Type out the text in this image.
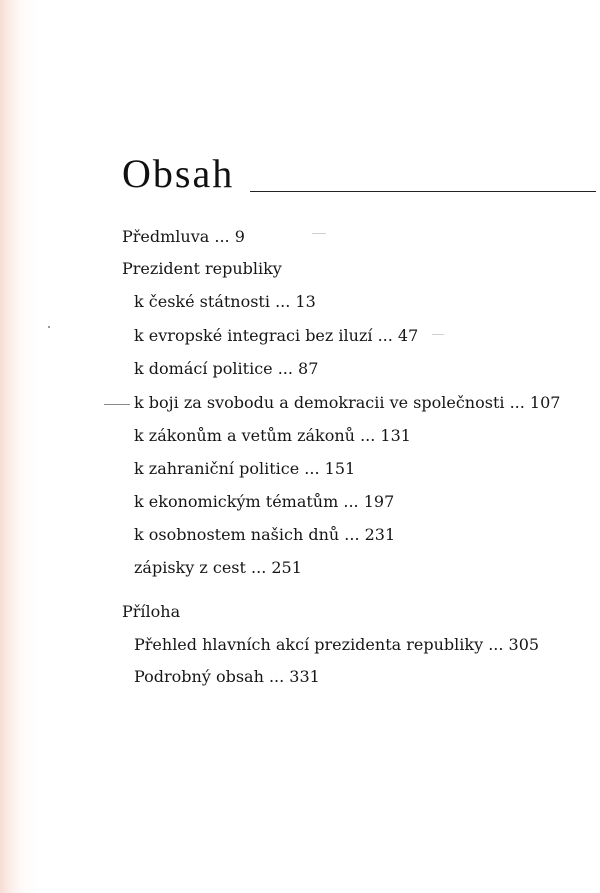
Obsah
Předmluva ... 9
Prezident republiky
k české státnosti ... 13
k evropské integraci bez iluzí ... 47
k domácí politice ... 87
k boji za svobodu a demokracii ve společnosti ... 107
k zákonům a vetům zákonů ... 131
k zahraniční politice ... 151
k ekonomickým tématům ... 197
k osobnostem našich dnů ... 231
zápisky z cest ... 251
Příloha
Přehled hlavních akcí prezidenta republiky ... 305
Podrobný obsah ... 331
